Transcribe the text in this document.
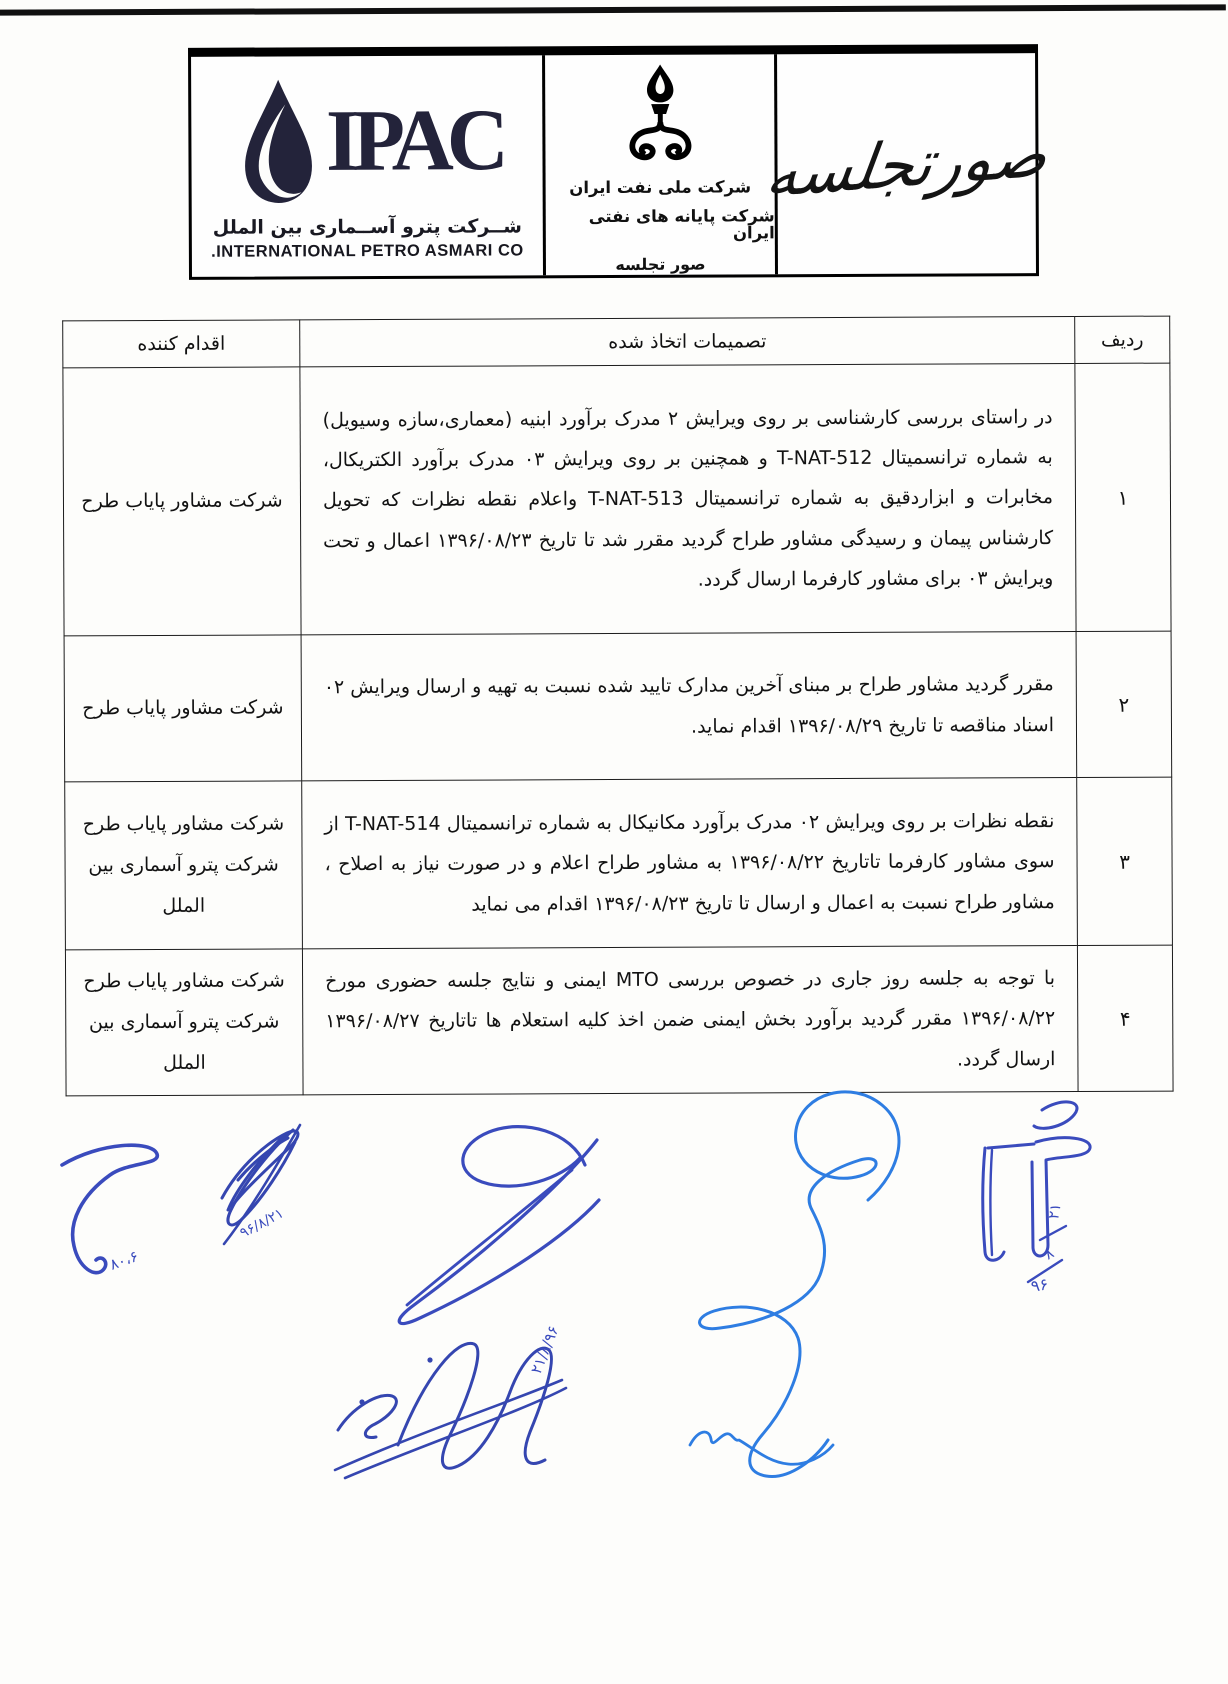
صورتجلسه
شرکت ملی نفت ایران
شرکت پایانه های نفتی ایران
صور تجلسه
IPAC
شــرکت پترو آســماری بین الملل
INTERNATIONAL PETRO ASMARI CO.
ردیف	تصمیمات اتخاذ شده	اقدام کننده
۱	در راستای بررسی کارشناسی بر روی ویرایش ۲ مدرک برآورد ابنیه (معماری،سازه وسیویل) به شماره ترانسمیتال T-NAT-512 و همچنین بر روی ویرایش ۰۳ مدرک برآورد الکتریکال، مخابرات و ابزاردقیق به شماره ترانسمیتال T-NAT-513 واعلام نقطه نظرات که تحویل کارشناس پیمان و رسیدگی مشاور طراح گردید مقرر شد تا تاریخ ۱۳۹۶/۰۸/۲۳ اعمال و تحت ویرایش ۰۳ برای مشاور کارفرما ارسال گردد.	شرکت مشاور پایاب طرح
۲	مقرر گردید مشاور طراح بر مبنای آخرین مدارک تایید شده نسبت به تهیه و ارسال ویرایش ۰۲ اسناد مناقصه تا تاریخ ۱۳۹۶/۰۸/۲۹ اقدام نماید.	شرکت مشاور پایاب طرح
۳	نقطه نظرات بر روی ویرایش ۰۲ مدرک برآورد مکانیکال به شماره ترانسمیتال T-NAT-514 از سوی مشاور کارفرما تاتاریخ ۱۳۹۶/۰۸/۲۲ به مشاور طراح اعلام و در صورت نیاز به اصلاح ، مشاور طراح نسبت به اعمال و ارسال تا تاریخ ۱۳۹۶/۰۸/۲۳ اقدام می نماید	شرکت مشاور پایاب طرح شرکت پترو آسماری بین الملل
۴	با توجه به جلسه روز جاری در خصوص بررسی MTO ایمنی و نتایج جلسه حضوری مورخ ۱۳۹۶/۰۸/۲۲ مقرر گردید برآورد بخش ایمنی ضمن اخذ کلیه استعلام ها تاتاریخ ۱۳۹۶/۰۸/۲۷ ارسال گردد.	شرکت مشاور پایاب طرح شرکت پترو آسماری بین الملل
۸۰،۶
۹۶/۸/۲۱
۲۱/۸/۹۶
۲۱
۸
۹۶
